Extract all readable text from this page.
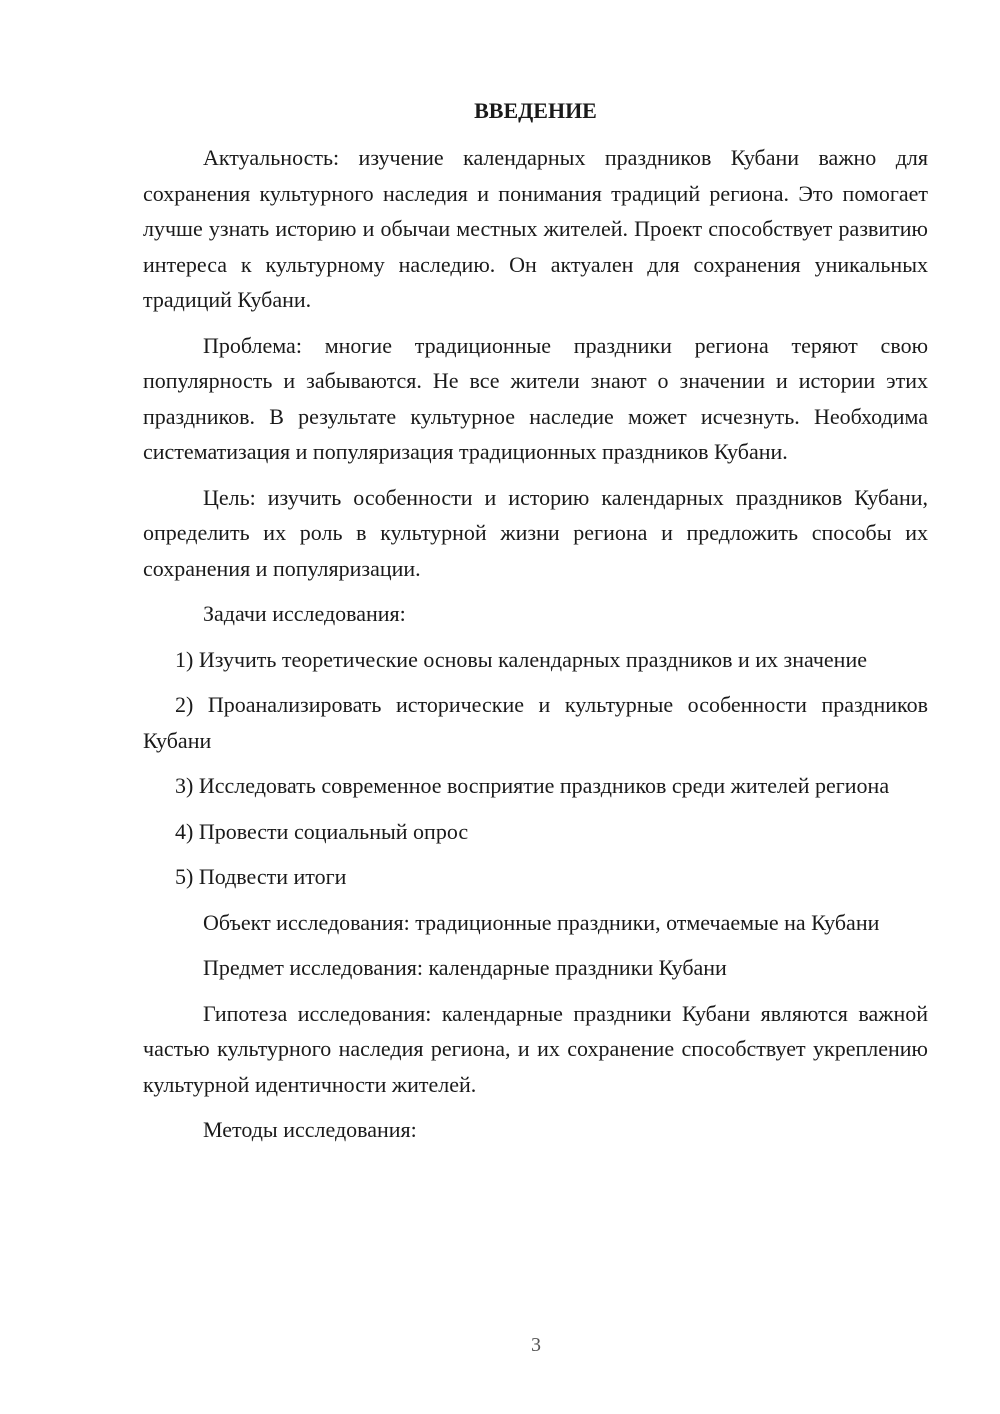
ВВЕДЕНИЕ

Актуальность: изучение календарных праздников Кубани важно для сохранения культурного наследия и понимания традиций региона. Это помогает лучше узнать историю и обычаи местных жителей. Проект способствует развитию интереса к культурному наследию. Он актуален для сохранения уникальных традиций Кубани.

Проблема: многие традиционные праздники региона теряют свою популярность и забываются. Не все жители знают о значении и истории этих праздников. В результате культурное наследие может исчезнуть. Необходима систематизация и популяризация традиционных праздников Кубани.

Цель: изучить особенности и историю календарных праздников Кубани, определить их роль в культурной жизни региона и предложить способы их сохранения и популяризации.

Задачи исследования:

1) Изучить теоретические основы календарных праздников и их значение

2) Проанализировать исторические и культурные особенности праздников Кубани

3) Исследовать современное восприятие праздников среди жителей региона

4) Провести социальный опрос

5) Подвести итоги

Объект исследования: традиционные праздники, отмечаемые на Кубани

Предмет исследования: календарные праздники Кубани

Гипотеза исследования: календарные праздники Кубани являются важной частью культурного наследия региона, и их сохранение способствует укреплению культурной идентичности жителей.

Методы исследования:

3
